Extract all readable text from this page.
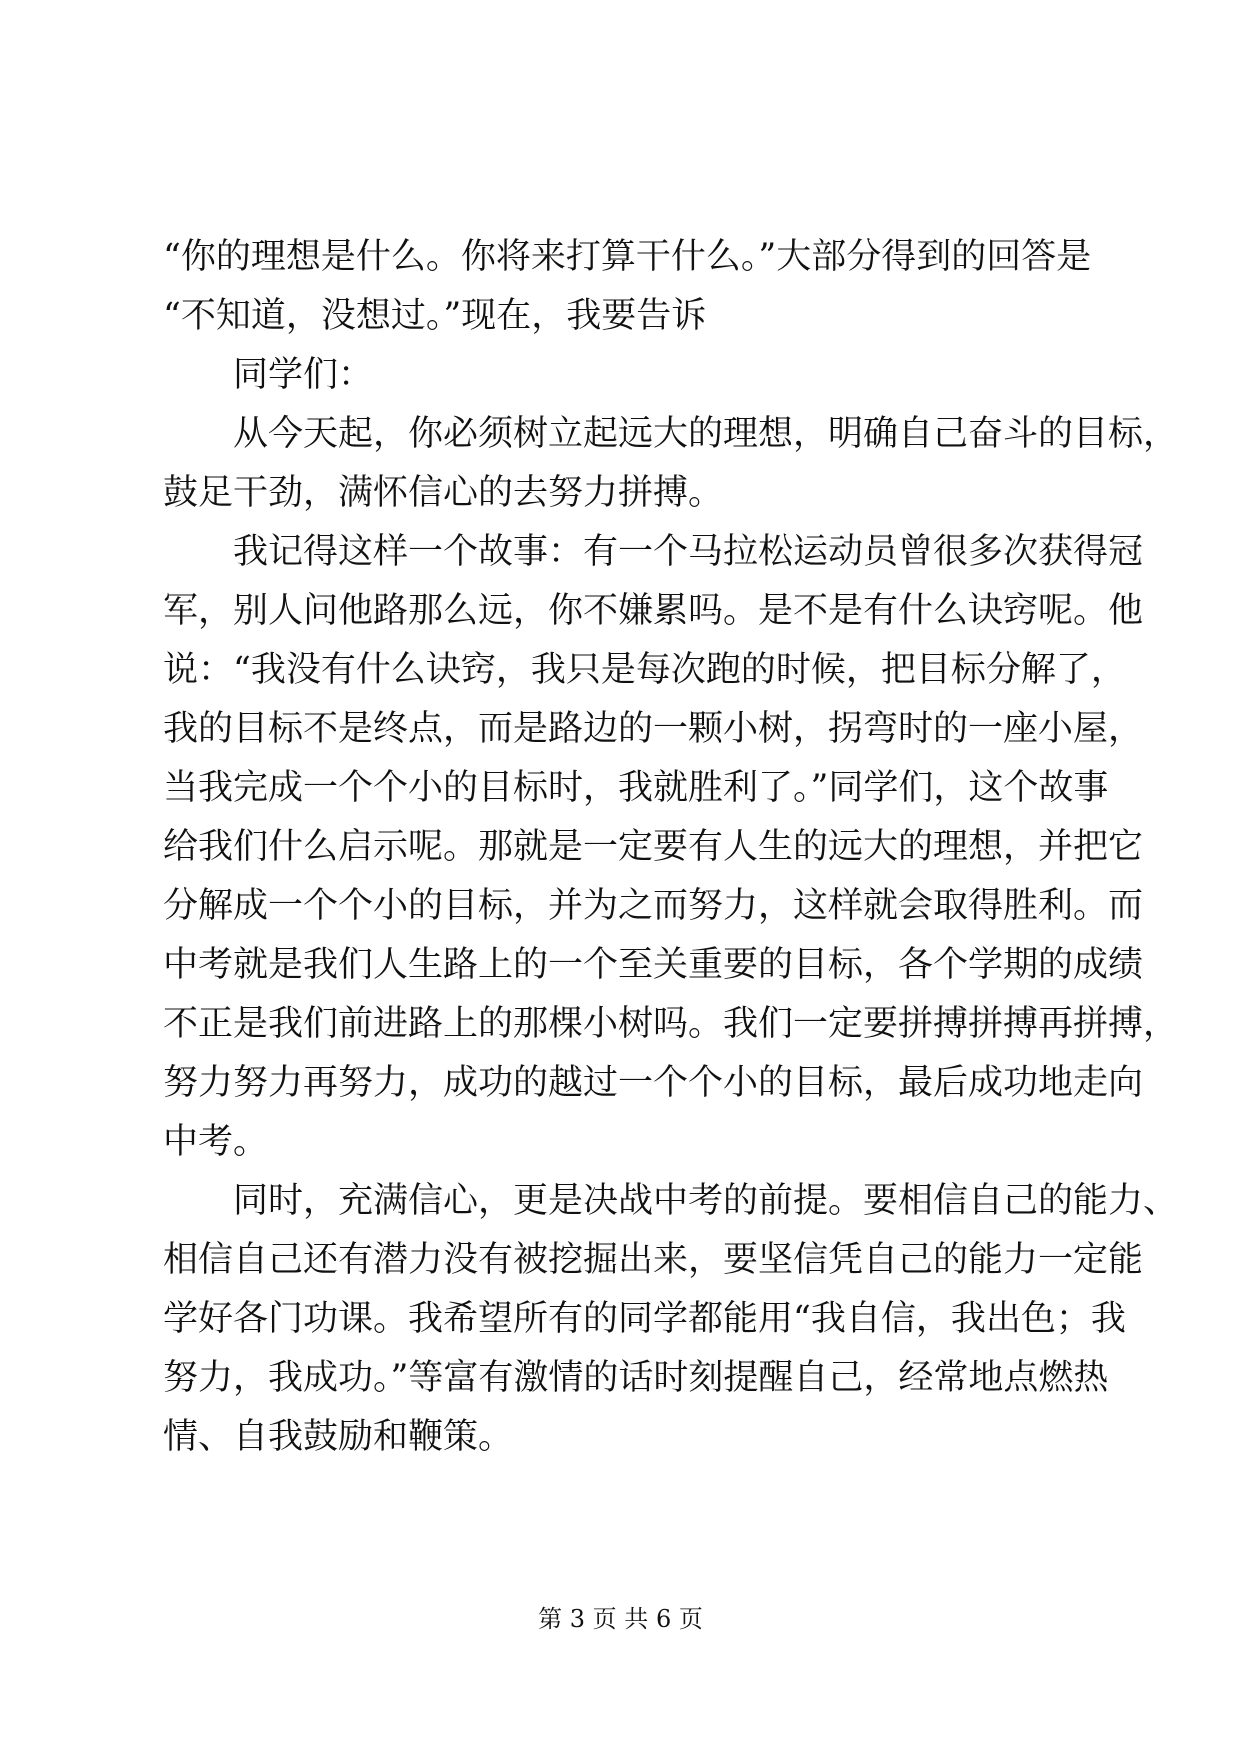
“你的理想是什么。你将来打算干什么。”大部分得到的回答是
“不知道，没想过。”现在，我要告诉
同学们：
从今天起，你必须树立起远大的理想，明确自己奋斗的目标，
鼓足干劲，满怀信心的去努力拼搏。
我记得这样一个故事：有一个马拉松运动员曾很多次获得冠
军，别人问他路那么远，你不嫌累吗。是不是有什么诀窍呢。他
说：“我没有什么诀窍，我只是每次跑的时候，把目标分解了，
我的目标不是终点，而是路边的一颗小树，拐弯时的一座小屋，
当我完成一个个小的目标时，我就胜利了。”同学们，这个故事
给我们什么启示呢。那就是一定要有人生的远大的理想，并把它
分解成一个个小的目标，并为之而努力，这样就会取得胜利。而
中考就是我们人生路上的一个至关重要的目标，各个学期的成绩
不正是我们前进路上的那棵小树吗。我们一定要拼搏拼搏再拼搏，
努力努力再努力，成功的越过一个个小的目标，最后成功地走向
中考。
同时，充满信心，更是决战中考的前提。要相信自己的能力、
相信自己还有潜力没有被挖掘出来，要坚信凭自己的能力一定能
学好各门功课。我希望所有的同学都能用“我自信，我出色；我
努力，我成功。”等富有激情的话时刻提醒自己，经常地点燃热
情、自我鼓励和鞭策。
第 3 页 共 6 页
